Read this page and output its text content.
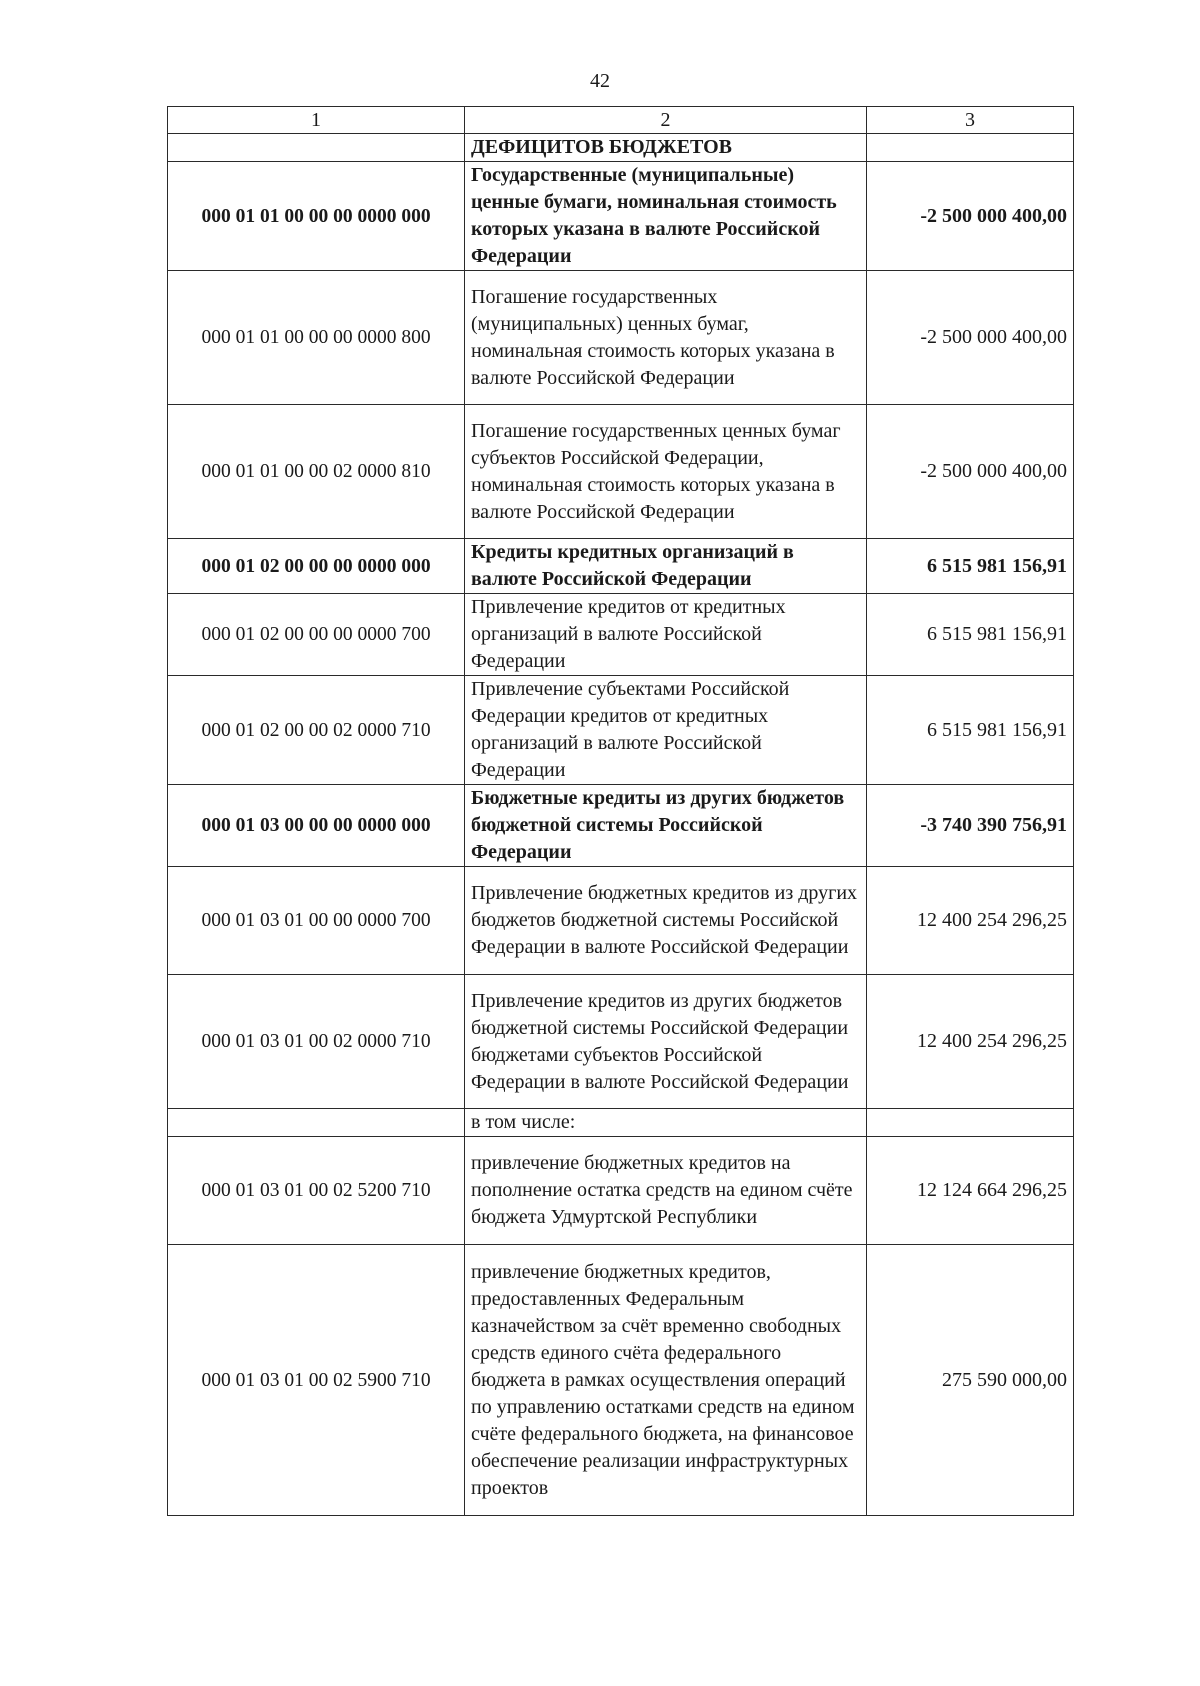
42
1	2	3
	ДЕФИЦИТОВ БЮДЖЕТОВ	
000 01 01 00 00 00 0000 000	Государственные (муниципальные) ценные бумаги, номинальная стоимость которых указана в валюте Российской Федерации	-2 500 000 400,00
000 01 01 00 00 00 0000 800	Погашение государственных (муниципальных) ценных бумаг, номинальная стоимость которых указана в валюте Российской Федерации	-2 500 000 400,00
000 01 01 00 00 02 0000 810	Погашение государственных ценных бумаг субъектов Российской Федерации, номинальная стоимость которых указана в валюте Российской Федерации	-2 500 000 400,00
000 01 02 00 00 00 0000 000	Кредиты кредитных организаций в валюте Российской Федерации	6 515 981 156,91
000 01 02 00 00 00 0000 700	Привлечение кредитов от кредитных организаций в валюте Российской Федерации	6 515 981 156,91
000 01 02 00 00 02 0000 710	Привлечение субъектами Российской Федерации кредитов от кредитных организаций в валюте Российской Федерации	6 515 981 156,91
000 01 03 00 00 00 0000 000	Бюджетные кредиты из других бюджетов бюджетной системы Российской Федерации	-3 740 390 756,91
000 01 03 01 00 00 0000 700	Привлечение бюджетных кредитов из других бюджетов бюджетной системы Российской Федерации в валюте Российской Федерации	12 400 254 296,25
000 01 03 01 00 02 0000 710	Привлечение кредитов из других бюджетов бюджетной системы Российской Федерации бюджетами субъектов Российской Федерации в валюте Российской Федерации	12 400 254 296,25
	в том числе:	
000 01 03 01 00 02 5200 710	привлечение бюджетных кредитов на пополнение остатка средств на едином счёте бюджета Удмуртской Республики	12 124 664 296,25
000 01 03 01 00 02 5900 710	привлечение бюджетных кредитов, предоставленных Федеральным казначейством за счёт временно свободных средств единого счёта федерального бюджета в рамках осуществления операций по управлению остатками средств на едином счёте федерального бюджета, на финансовое обеспечение реализации инфраструктурных проектов	275 590 000,00
